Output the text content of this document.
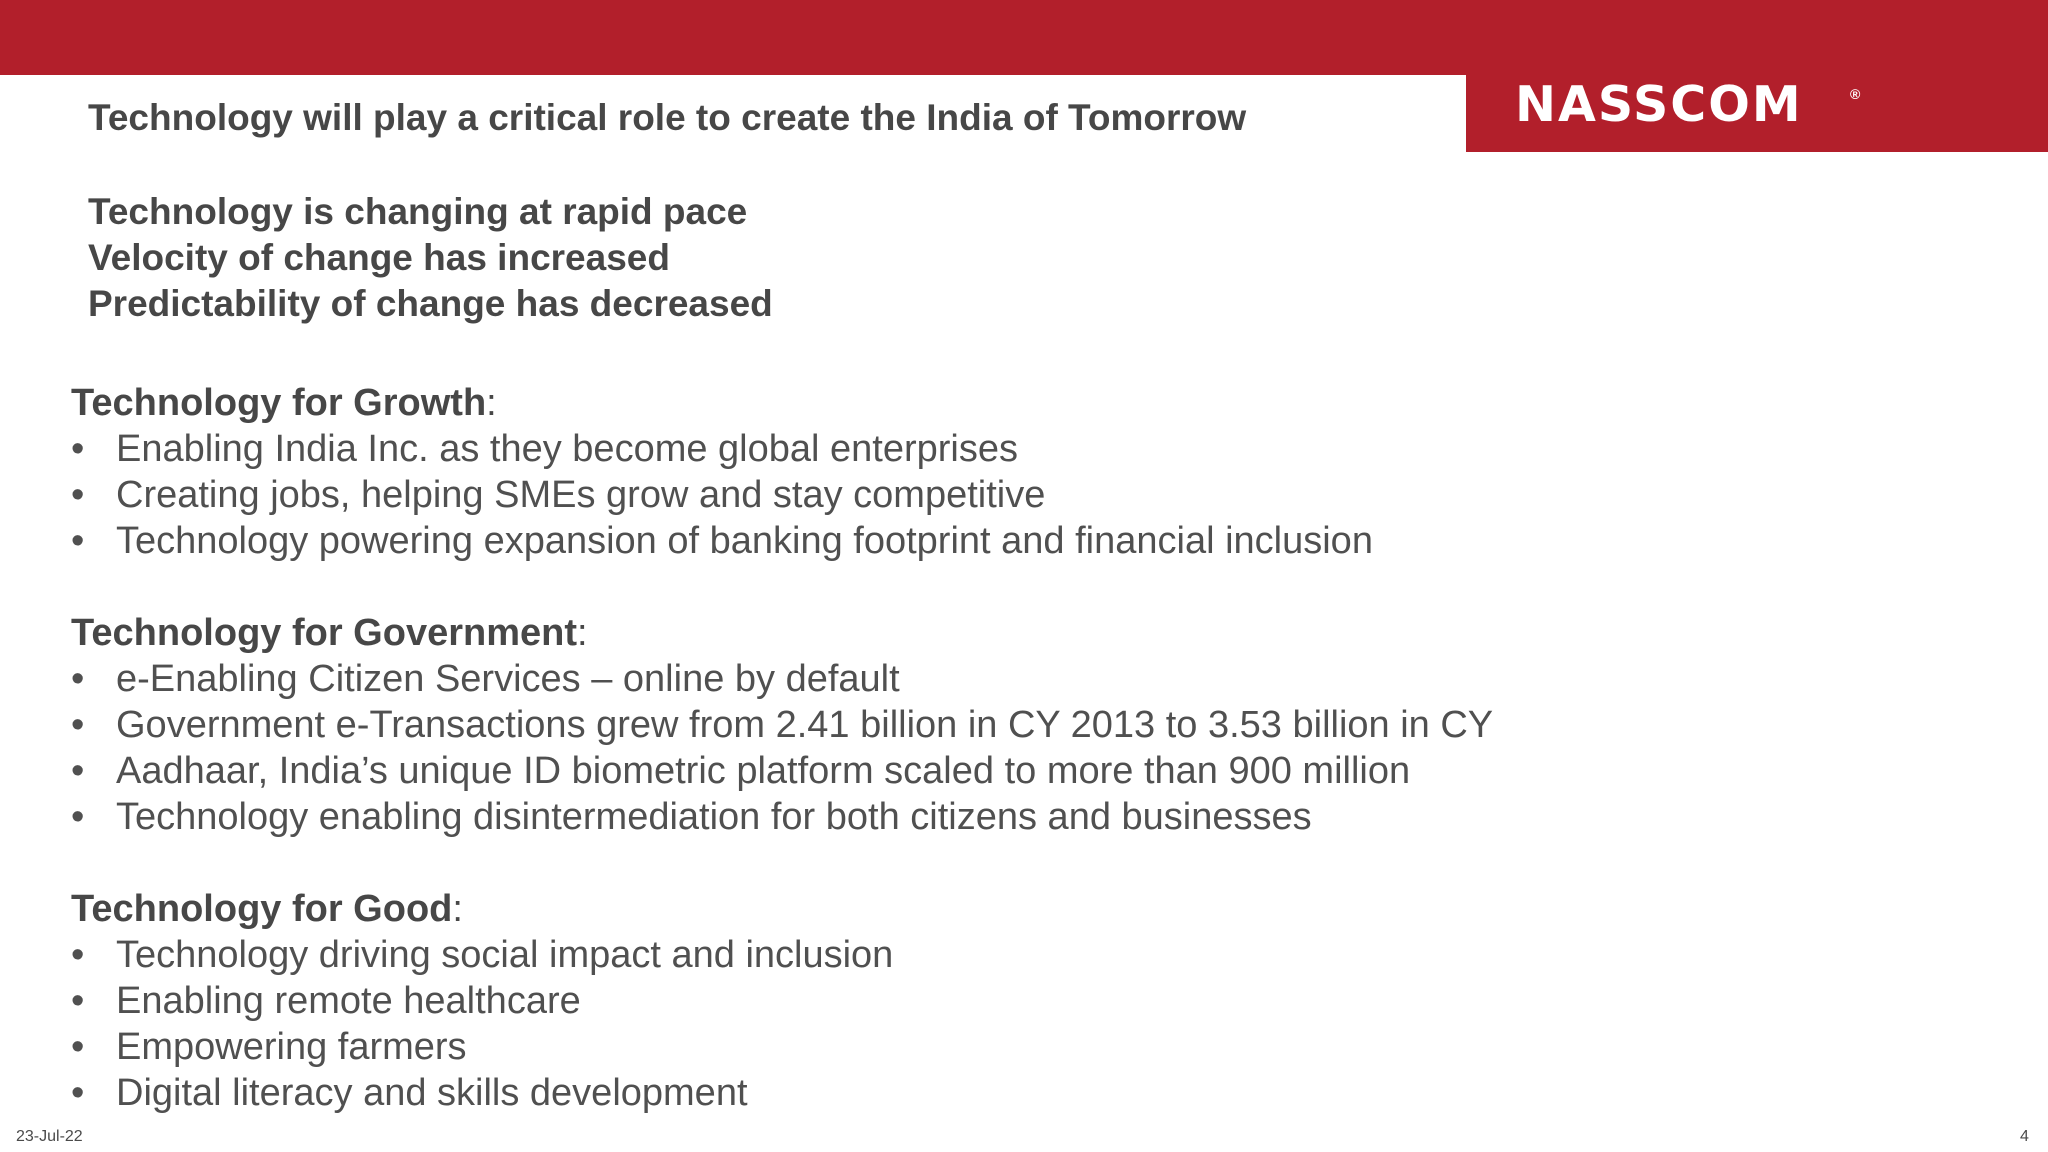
NASSCOM	®
Technology will play a critical role to create the India of Tomorrow
Technology is changing at rapid pace
Velocity of change has increased
Predictability of change has decreased
Technology for Growth:
• Enabling India Inc. as they become global enterprises
• Creating jobs, helping SMEs grow and stay competitive
• Technology powering expansion of banking footprint and financial inclusion
Technology for Government:
• e-Enabling Citizen Services – online by default
• Government e-Transactions grew from 2.41 billion in CY 2013 to 3.53 billion in CY
• Aadhaar, India’s unique ID biometric platform scaled to more than 900 million
• Technology enabling disintermediation for both citizens and businesses
Technology for Good:
• Technology driving social impact and inclusion
• Enabling remote healthcare
• Empowering farmers
• Digital literacy and skills development
23-Jul-22	4
